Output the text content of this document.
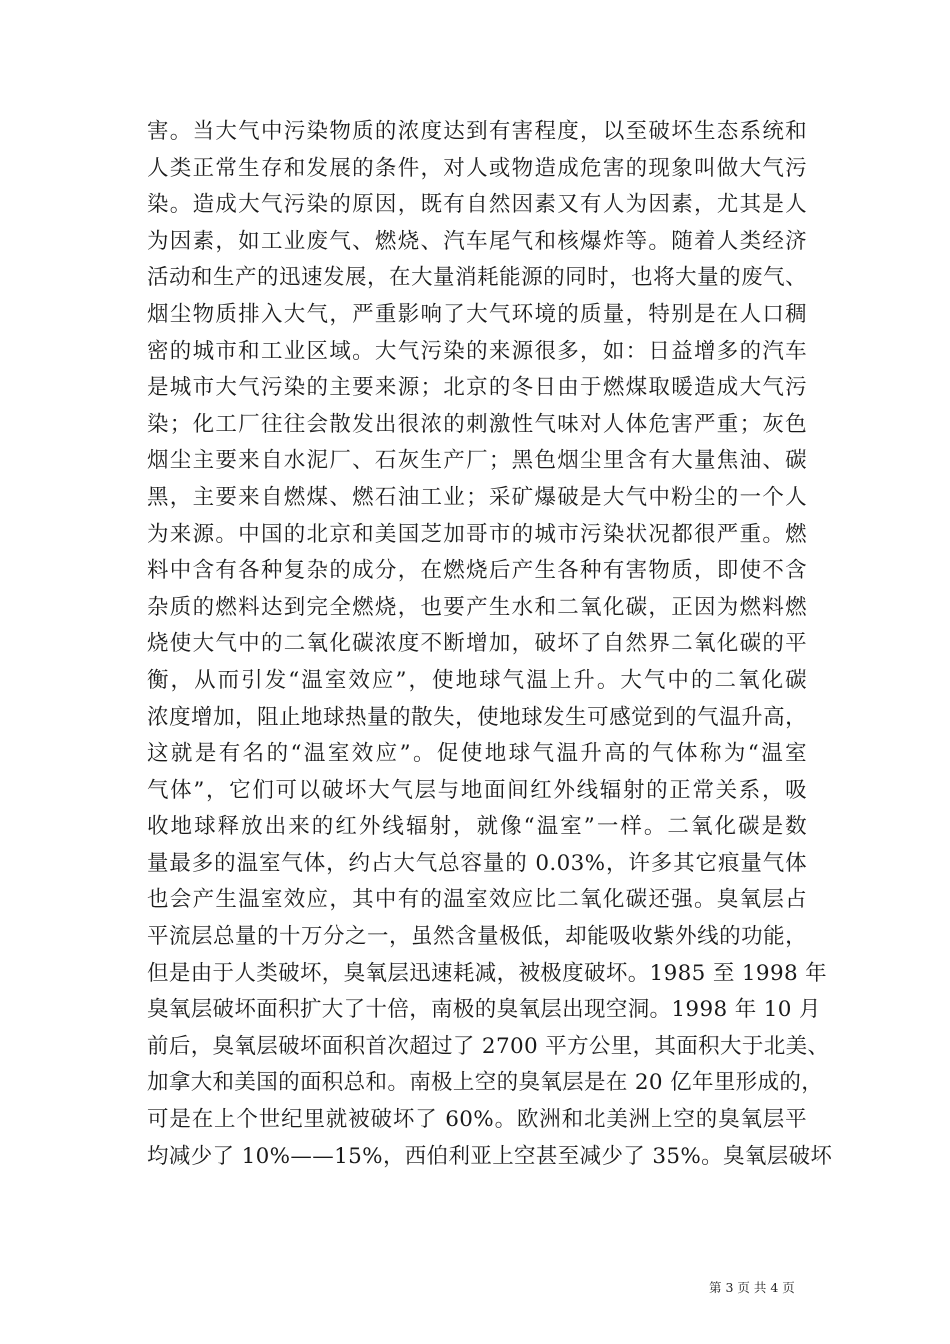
害。当大气中污染物质的浓度达到有害程度，以至破坏生态系统和
人类正常生存和发展的条件，对人或物造成危害的现象叫做大气污
染。造成大气污染的原因，既有自然因素又有人为因素，尤其是人
为因素，如工业废气、燃烧、汽车尾气和核爆炸等。随着人类经济
活动和生产的迅速发展，在大量消耗能源的同时，也将大量的废气、
烟尘物质排入大气，严重影响了大气环境的质量，特别是在人口稠
密的城市和工业区域。大气污染的来源很多，如：日益增多的汽车
是城市大气污染的主要来源；北京的冬日由于燃煤取暖造成大气污
染；化工厂往往会散发出很浓的刺激性气味对人体危害严重；灰色
烟尘主要来自水泥厂、石灰生产厂；黑色烟尘里含有大量焦油、碳
黑，主要来自燃煤、燃石油工业；采矿爆破是大气中粉尘的一个人
为来源。中国的北京和美国芝加哥市的城市污染状况都很严重。燃
料中含有各种复杂的成分，在燃烧后产生各种有害物质，即使不含
杂质的燃料达到完全燃烧，也要产生水和二氧化碳，正因为燃料燃
烧使大气中的二氧化碳浓度不断增加，破坏了自然界二氧化碳的平
衡，从而引发“温室效应”，使地球气温上升。大气中的二氧化碳
浓度增加，阻止地球热量的散失，使地球发生可感觉到的气温升高，
这就是有名的“温室效应”。促使地球气温升高的气体称为“温室
气体”，它们可以破坏大气层与地面间红外线辐射的正常关系，吸
收地球释放出来的红外线辐射，就像“温室”一样。二氧化碳是数
量最多的温室气体，约占大气总容量的 0.03%，许多其它痕量气体
也会产生温室效应，其中有的温室效应比二氧化碳还强。臭氧层占
平流层总量的十万分之一，虽然含量极低，却能吸收紫外线的功能，
但是由于人类破坏，臭氧层迅速耗减，被极度破坏。1985 至 1998 年
臭氧层破坏面积扩大了十倍，南极的臭氧层出现空洞。1998 年 10 月
前后，臭氧层破坏面积首次超过了 2700 平方公里，其面积大于北美、
加拿大和美国的面积总和。南极上空的臭氧层是在 20 亿年里形成的，
可是在上个世纪里就被破坏了 60%。欧洲和北美洲上空的臭氧层平
均减少了 10%——15%，西伯利亚上空甚至减少了 35%。臭氧层破坏
第 3 页 共 4 页
